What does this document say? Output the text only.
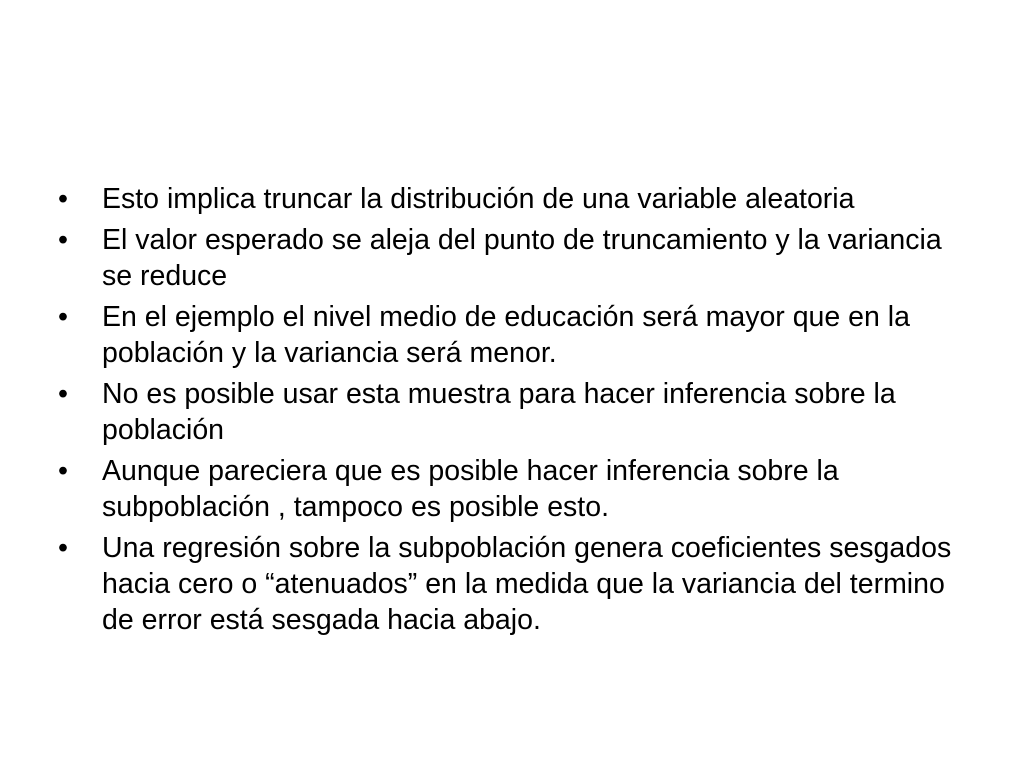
•	Esto implica truncar la distribución de una variable aleatoria
•	El valor esperado se aleja del punto de truncamiento y la variancia se reduce
•	En el ejemplo el nivel medio de educación será mayor que en la población y la variancia será menor.
•	No es posible usar esta muestra para hacer inferencia sobre la población
•	Aunque pareciera que es posible hacer inferencia sobre la subpoblación , tampoco es posible esto.
•	Una regresión sobre la subpoblación genera coeficientes sesgados hacia cero o “atenuados” en la medida que la variancia del termino de error está sesgada hacia abajo.
